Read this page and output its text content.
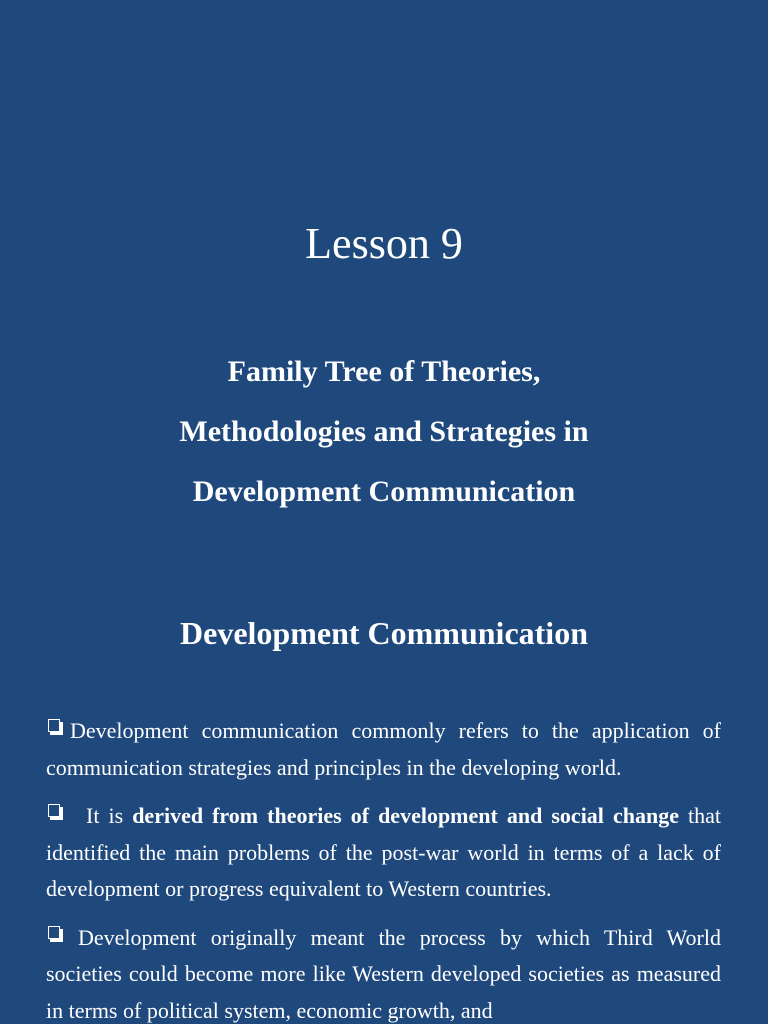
Lesson 9
Family Tree of Theories,
Methodologies and Strategies in
Development Communication
Development Communication
Development communication commonly refers to the application of communication strategies and principles in the developing world.
It is derived from theories of development and social change that identified the main problems of the post-war world in terms of a lack of development or progress equivalent to Western countries.
Development originally meant the process by which Third World societies could become more like Western developed societies as measured in terms of political system, economic growth, and
